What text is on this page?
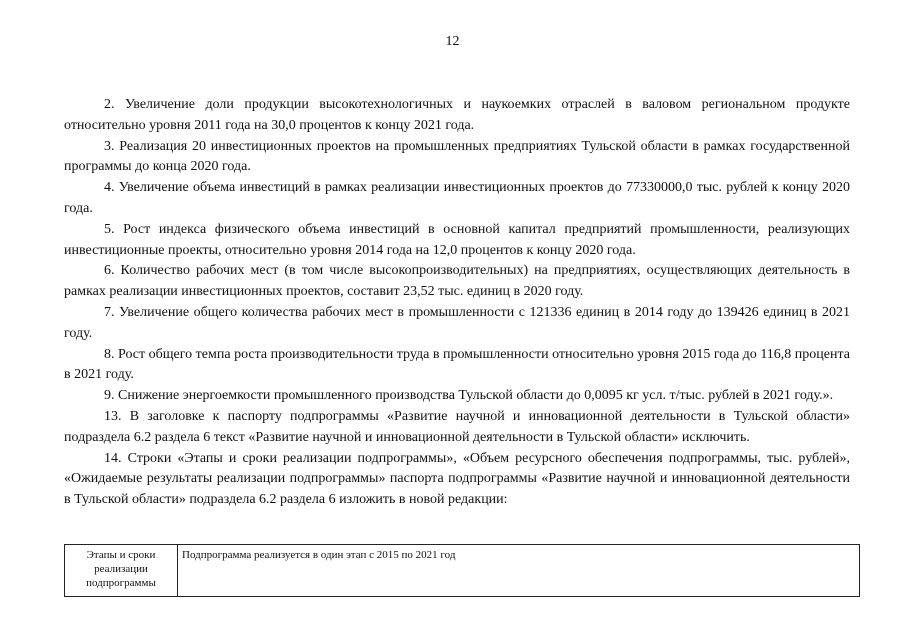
12

2. Увеличение доли продукции высокотехнологичных и наукоемких отраслей в валовом региональном продукте относительно уровня 2011 года на 30,0 процентов к концу 2021 года.

3. Реализация 20 инвестиционных проектов на промышленных предприятиях Тульской области в рамках государственной программы до конца 2020 года.

4. Увеличение объема инвестиций в рамках реализации инвестиционных проектов до 77330000,0 тыс. рублей к концу 2020 года.

5. Рост индекса физического объема инвестиций в основной капитал предприятий промышленности, реализующих инвестиционные проекты, относительно уровня 2014 года на 12,0 процентов к концу 2020 года.

6. Количество рабочих мест (в том числе высокопроизводительных) на предприятиях, осуществляющих деятельность в рамках реализации инвестиционных проектов, составит 23,52 тыс. единиц в 2020 году.

7. Увеличение общего количества рабочих мест в промышленности с 121336 единиц в 2014 году до 139426 единиц в 2021 году.

8. Рост общего темпа роста производительности труда в промышленности относительно уровня 2015 года до 116,8 процента в 2021 году.

9. Снижение энергоемкости промышленного производства Тульской области до 0,0095 кг усл. т/тыс. рублей в 2021 году.».

13. В заголовке к паспорту подпрограммы «Развитие научной и инновационной деятельности в Тульской области» подраздела 6.2 раздела 6 текст «Развитие научной и инновационной деятельности в Тульской области» исключить.

14. Строки «Этапы и сроки реализации подпрограммы», «Объем ресурсного обеспечения подпрограммы, тыс. рублей», «Ожидаемые результаты реализации подпрограммы» паспорта подпрограммы «Развитие научной и инновационной деятельности в Тульской области» подраздела 6.2 раздела 6 изложить в новой редакции:

Этапы и сроки реализации подпрограммы	Подпрограмма реализуется в один этап с 2015 по 2021 год
